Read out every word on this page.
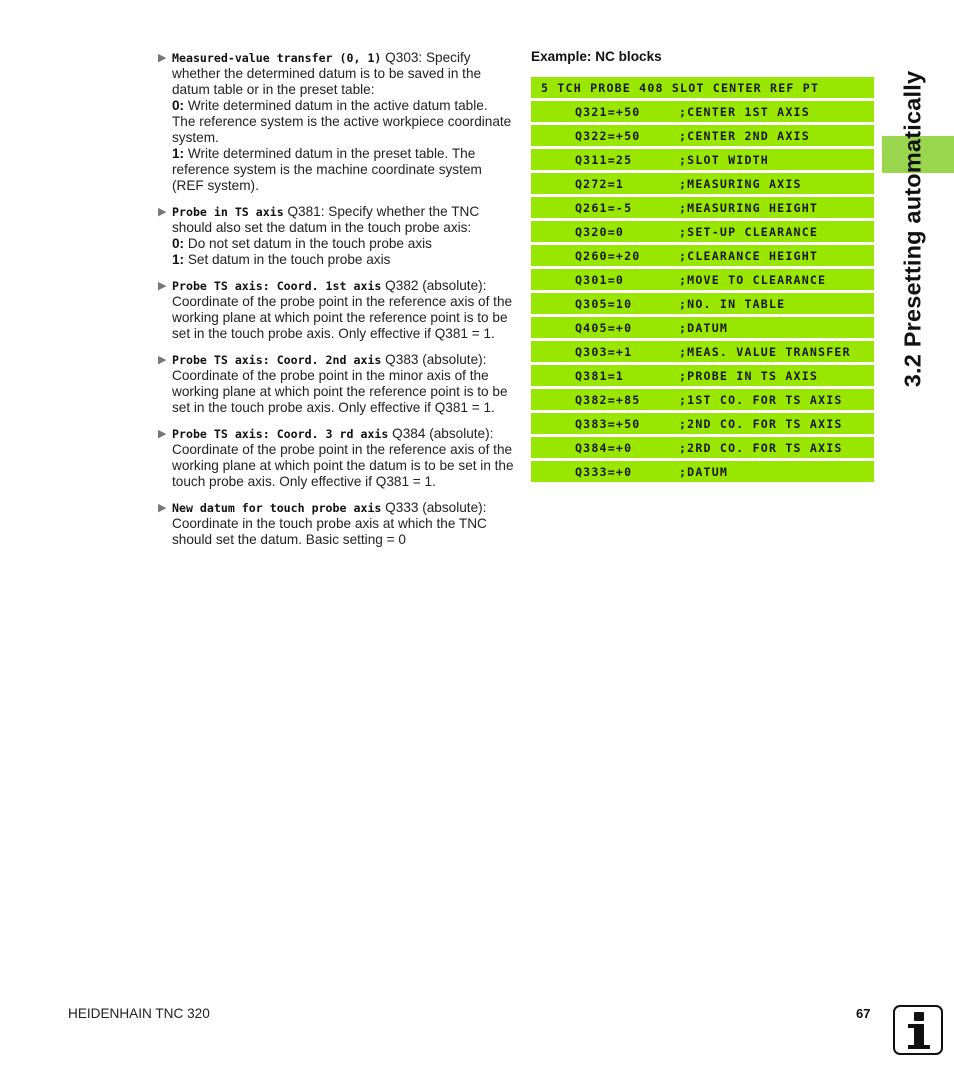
▶ Measured-value transfer (0, 1) Q303: Specify whether the determined datum is to be saved in the datum table or in the preset table:
0: Write determined datum in the active datum table. The reference system is the active workpiece coordinate system.
1: Write determined datum in the preset table. The reference system is the machine coordinate system (REF system).
▶ Probe in TS axis Q381: Specify whether the TNC should also set the datum in the touch probe axis:
0: Do not set datum in the touch probe axis
1: Set datum in the touch probe axis
▶ Probe TS axis: Coord. 1st axis Q382 (absolute): Coordinate of the probe point in the reference axis of the working plane at which point the reference point is to be set in the touch probe axis. Only effective if Q381 = 1.
▶ Probe TS axis: Coord. 2nd axis Q383 (absolute): Coordinate of the probe point in the minor axis of the working plane at which point the reference point is to be set in the touch probe axis. Only effective if Q381 = 1.
▶ Probe TS axis: Coord. 3 rd axis Q384 (absolute): Coordinate of the probe point in the reference axis of the working plane at which point the datum is to be set in the touch probe axis. Only effective if Q381 = 1.
▶ New datum for touch probe axis Q333 (absolute): Coordinate in the touch probe axis at which the TNC should set the datum. Basic setting = 0
Example: NC blocks
5 TCH PROBE 408 SLOT CENTER REF PT
Q321=+50	;CENTER 1ST AXIS
Q322=+50	;CENTER 2ND AXIS
Q311=25	;SLOT WIDTH
Q272=1	;MEASURING AXIS
Q261=-5	;MEASURING HEIGHT
Q320=0	;SET-UP CLEARANCE
Q260=+20	;CLEARANCE HEIGHT
Q301=0	;MOVE TO CLEARANCE
Q305=10	;NO. IN TABLE
Q405=+0	;DATUM
Q303=+1	;MEAS. VALUE TRANSFER
Q381=1	;PROBE IN TS AXIS
Q382=+85	;1ST CO. FOR TS AXIS
Q383=+50	;2ND CO. FOR TS AXIS
Q384=+0	;2RD CO. FOR TS AXIS
Q333=+0	;DATUM
3.2 Presetting automatically
HEIDENHAIN TNC 320	67
